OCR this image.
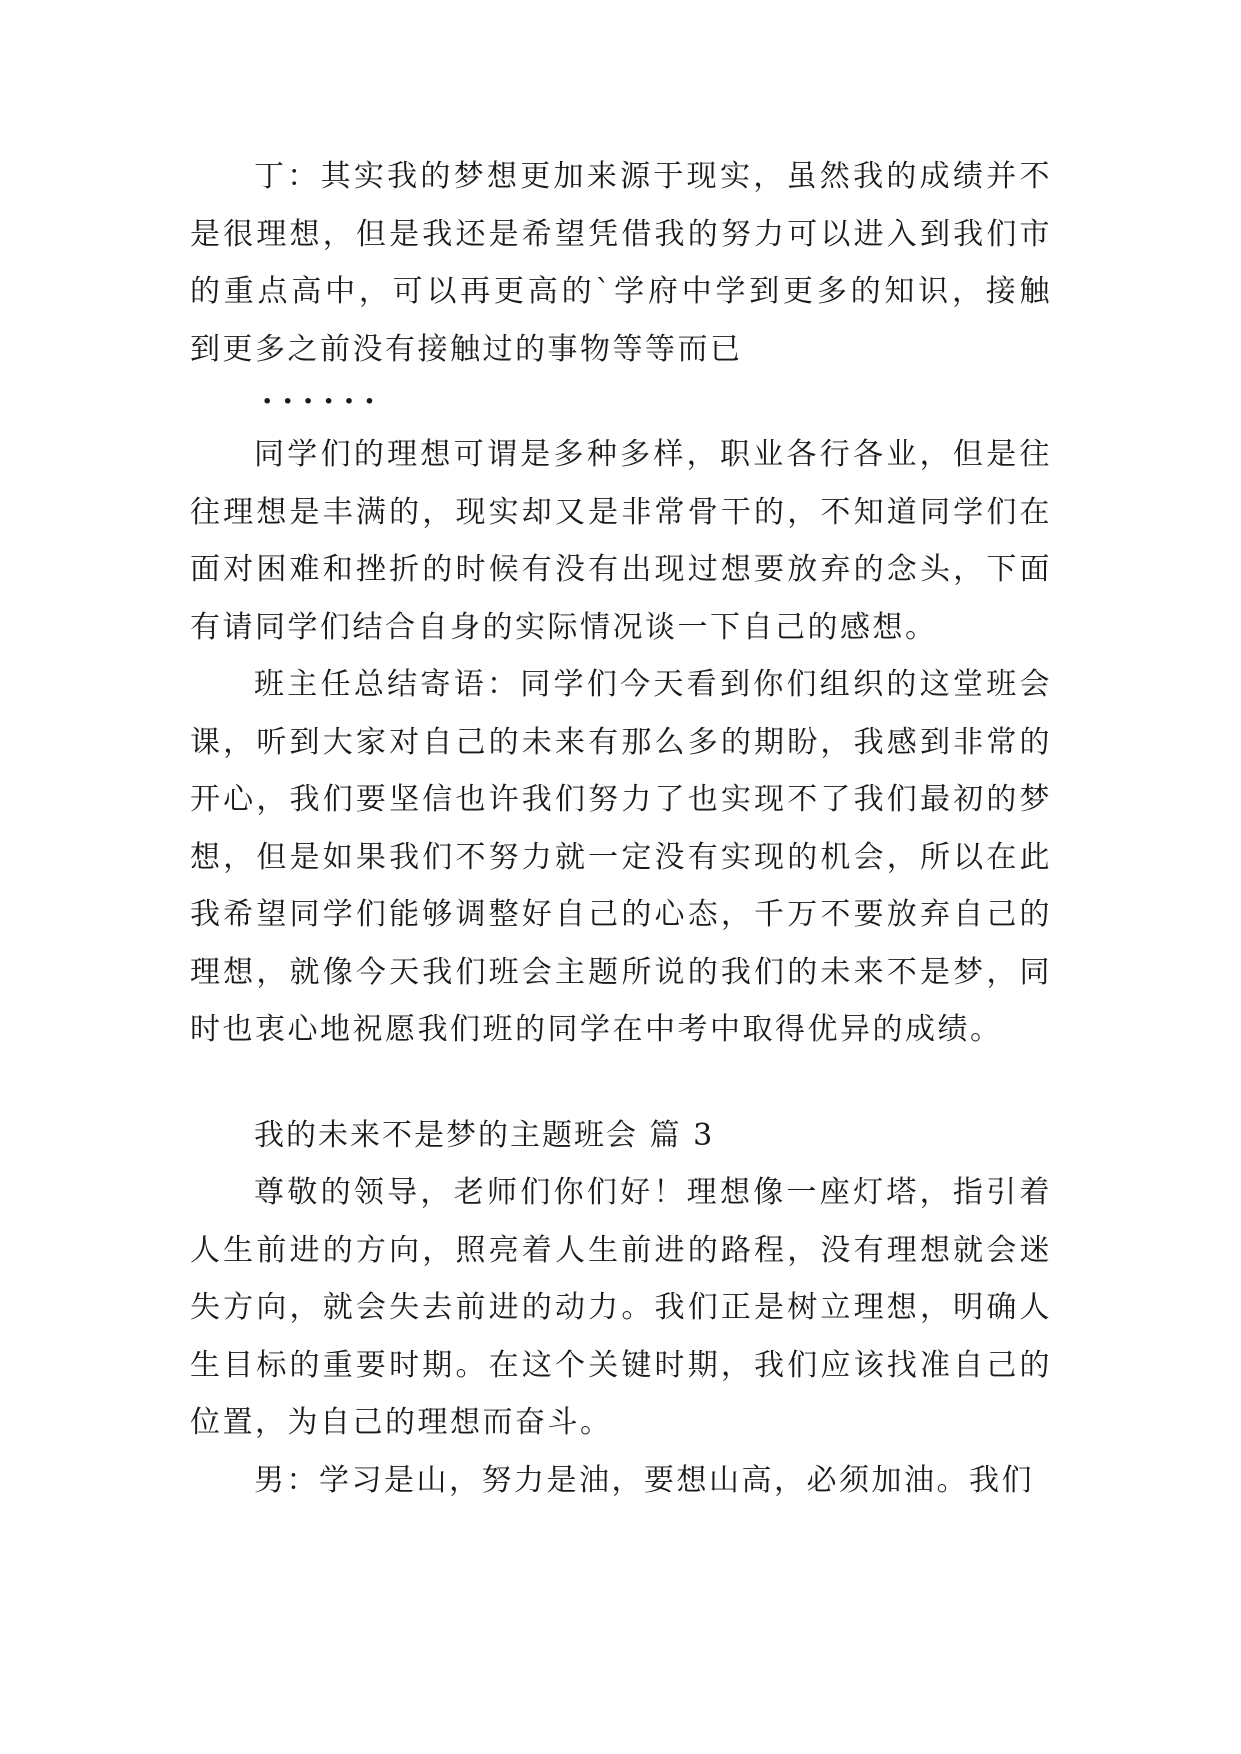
丁：其实我的梦想更加来源于现实，虽然我的成绩并不是很理想，但是我还是希望凭借我的努力可以进入到我们市的重点高中，可以再更高的`学府中学到更多的知识，接触到更多之前没有接触过的事物等等而已

······

同学们的理想可谓是多种多样，职业各行各业，但是往往理想是丰满的，现实却又是非常骨干的，不知道同学们在面对困难和挫折的时候有没有出现过想要放弃的念头，下面有请同学们结合自身的实际情况谈一下自己的感想。

班主任总结寄语：同学们今天看到你们组织的这堂班会课，听到大家对自己的未来有那么多的期盼，我感到非常的开心，我们要坚信也许我们努力了也实现不了我们最初的梦想，但是如果我们不努力就一定没有实现的机会，所以在此我希望同学们能够调整好自己的心态，千万不要放弃自己的理想，就像今天我们班会主题所说的我们的未来不是梦，同时也衷心地祝愿我们班的同学在中考中取得优异的成绩。

我的未来不是梦的主题班会 篇 3

尊敬的领导，老师们你们好！理想像一座灯塔，指引着人生前进的方向，照亮着人生前进的路程，没有理想就会迷失方向，就会失去前进的动力。我们正是树立理想，明确人生目标的重要时期。在这个关键时期，我们应该找准自己的位置，为自己的理想而奋斗。

男：学习是山，努力是油，要想山高，必须加油。我们
